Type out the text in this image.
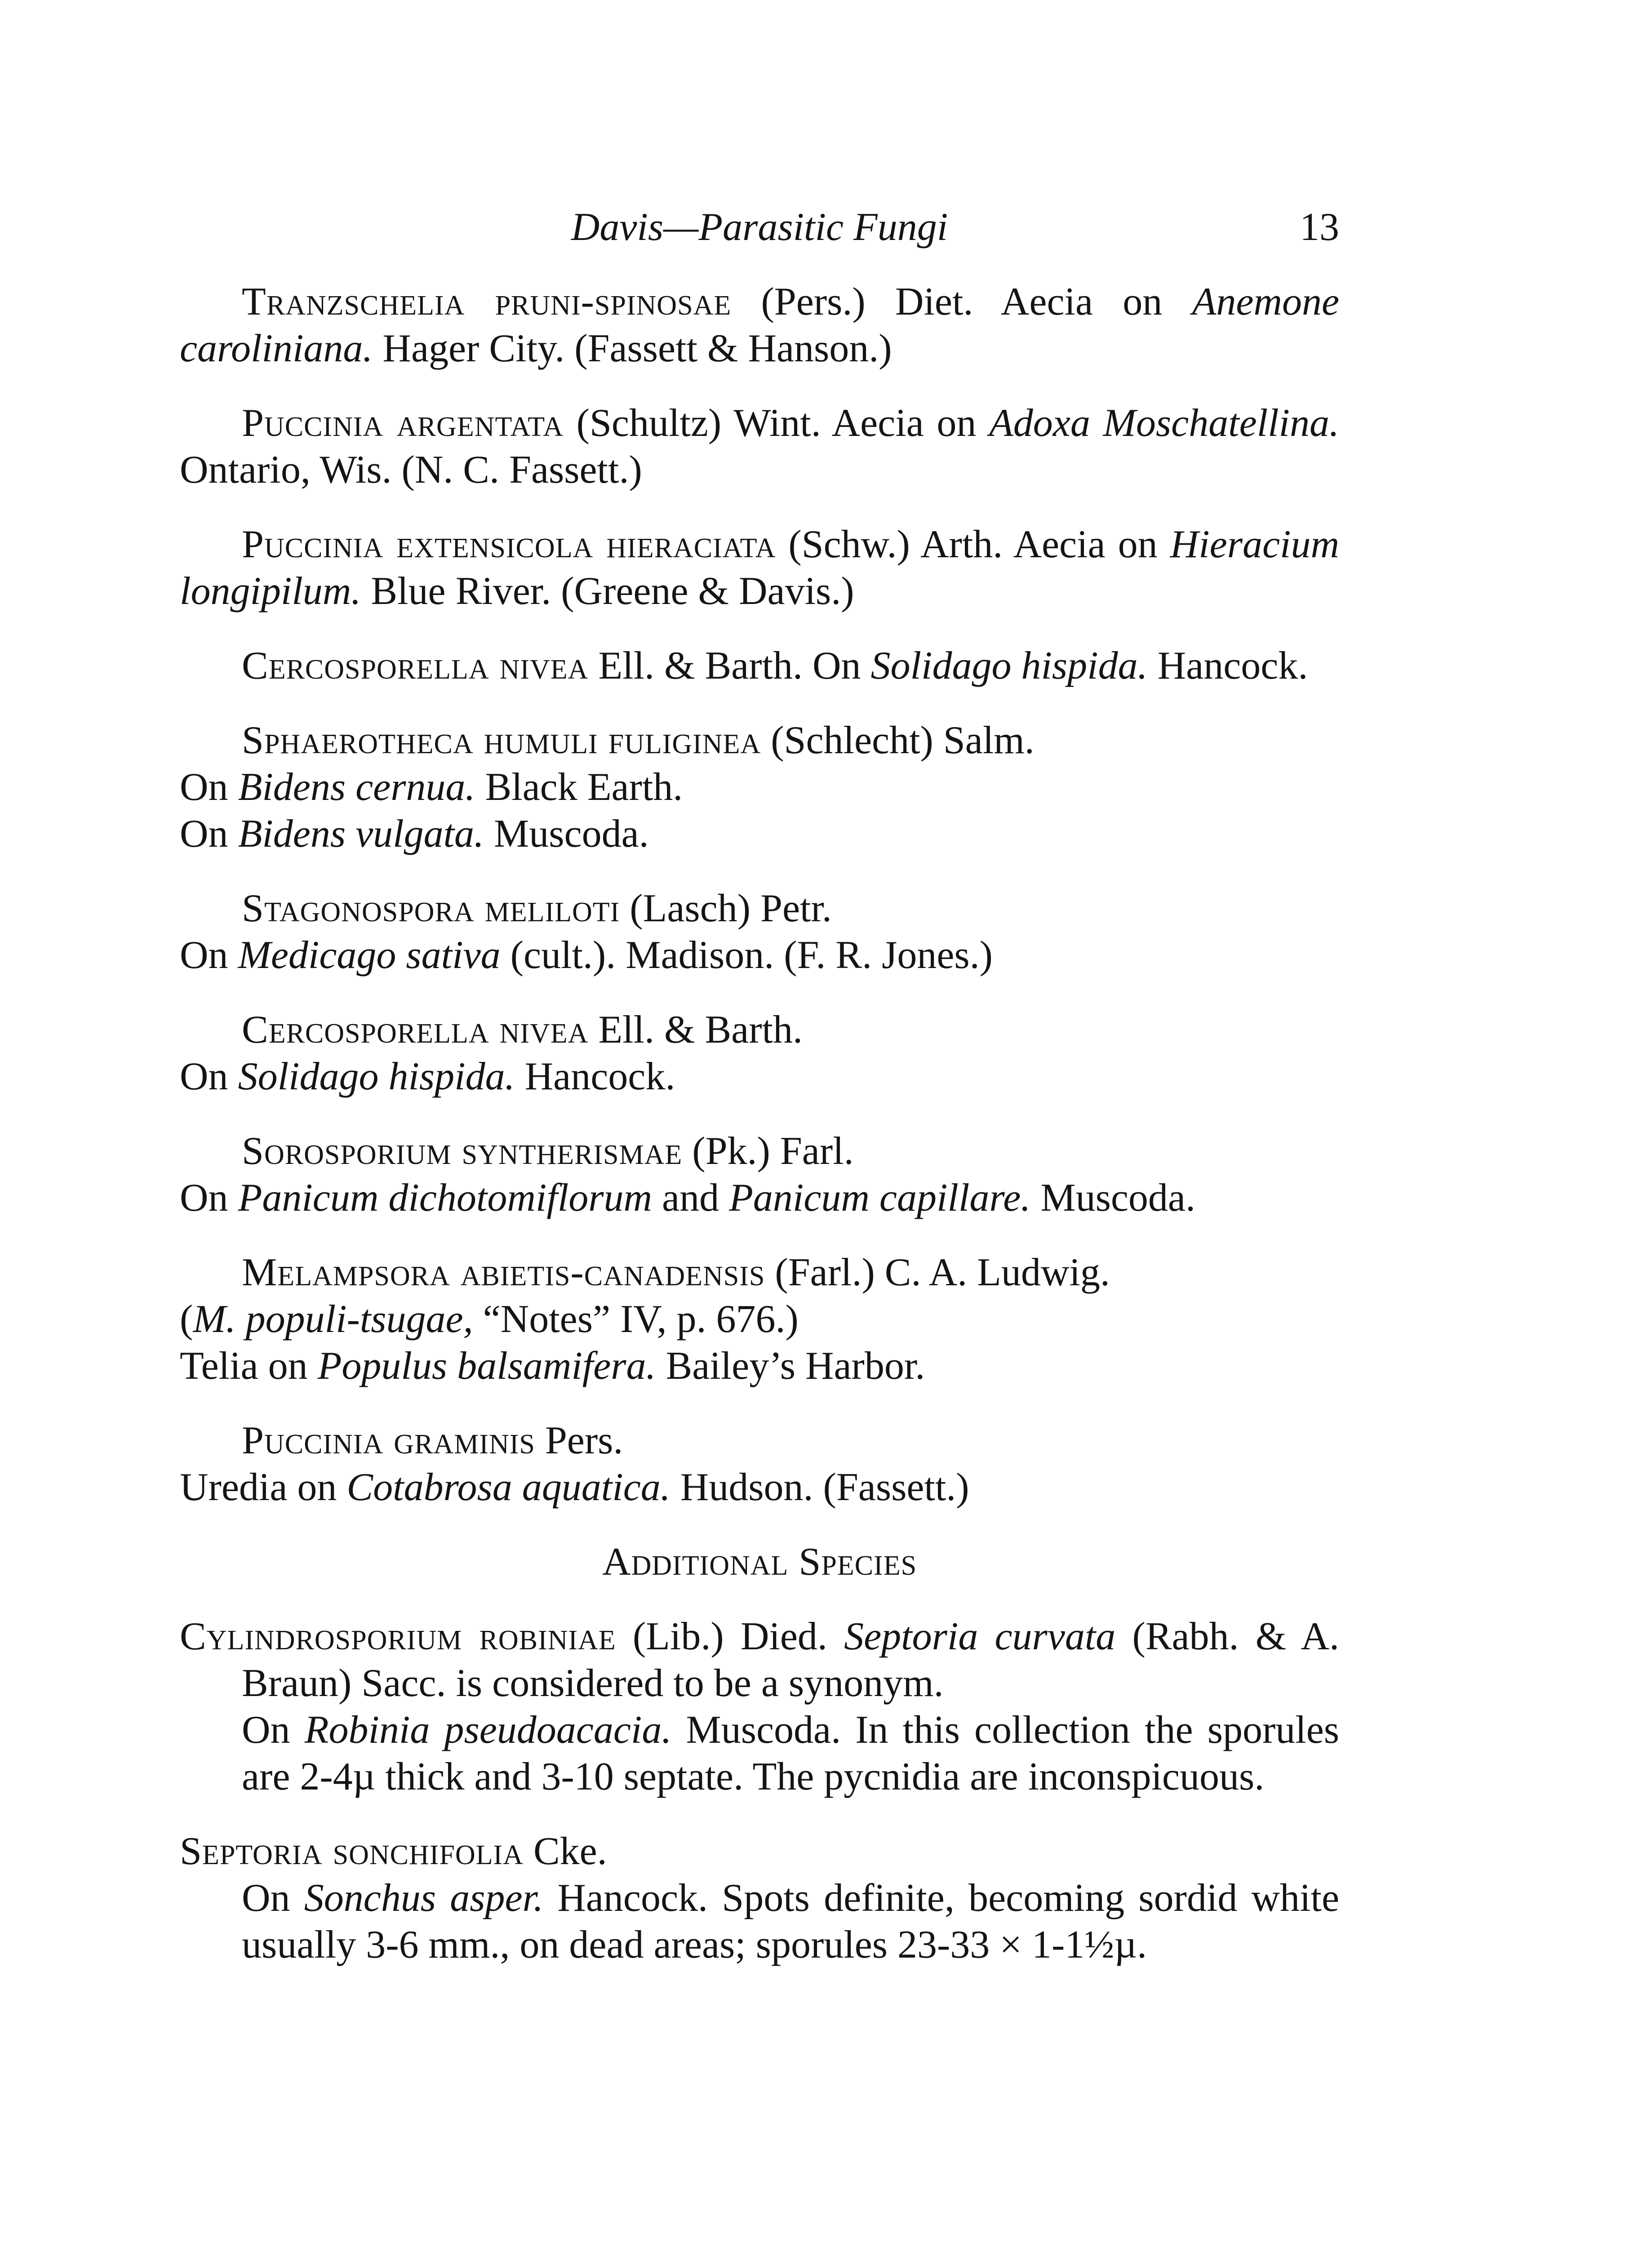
Davis—Parasitic Fungi	13

Tranzschelia pruni-spinosae (Pers.) Diet. Aecia on Anemone caroliniana. Hager City. (Fassett & Hanson.)

Puccinia argentata (Schultz) Wint. Aecia on Adoxa Moschatellina. Ontario, Wis. (N. C. Fassett.)

Puccinia extensicola hieraciata (Schw.) Arth. Aecia on Hieracium longipilum. Blue River. (Greene & Davis.)

Cercosporella nivea Ell. & Barth. On Solidago hispida. Hancock.

Sphaerotheca humuli fuliginea (Schlecht) Salm.

On Bidens cernua. Black Earth.

On Bidens vulgata. Muscoda.

Stagonospora meliloti (Lasch) Petr.

On Medicago sativa (cult.). Madison. (F. R. Jones.)

Cercosporella nivea Ell. & Barth.

On Solidago hispida. Hancock.

Sorosporium syntherismae (Pk.) Farl.

On Panicum dichotomiflorum and Panicum capillare. Muscoda.

Melampsora abietis-canadensis (Farl.) C. A. Ludwig.

(M. populi-tsugae, “Notes” IV, p. 676.)

Telia on Populus balsamifera. Bailey’s Harbor.

Puccinia graminis Pers.

Uredia on Cotabrosa aquatica. Hudson. (Fassett.)

Additional Species

Cylindrosporium robiniae (Lib.) Died. Septoria curvata (Rabh. & A. Braun) Sacc. is considered to be a synonym.

On Robinia pseudoacacia. Muscoda. In this collection the sporules are 2-4µ thick and 3-10 septate. The pycnidia are inconspicuous.

Septoria sonchifolia Cke.

On Sonchus asper. Hancock. Spots definite, becoming sordid white usually 3-6 mm., on dead areas; sporules 23-33 × 1-1½µ.
